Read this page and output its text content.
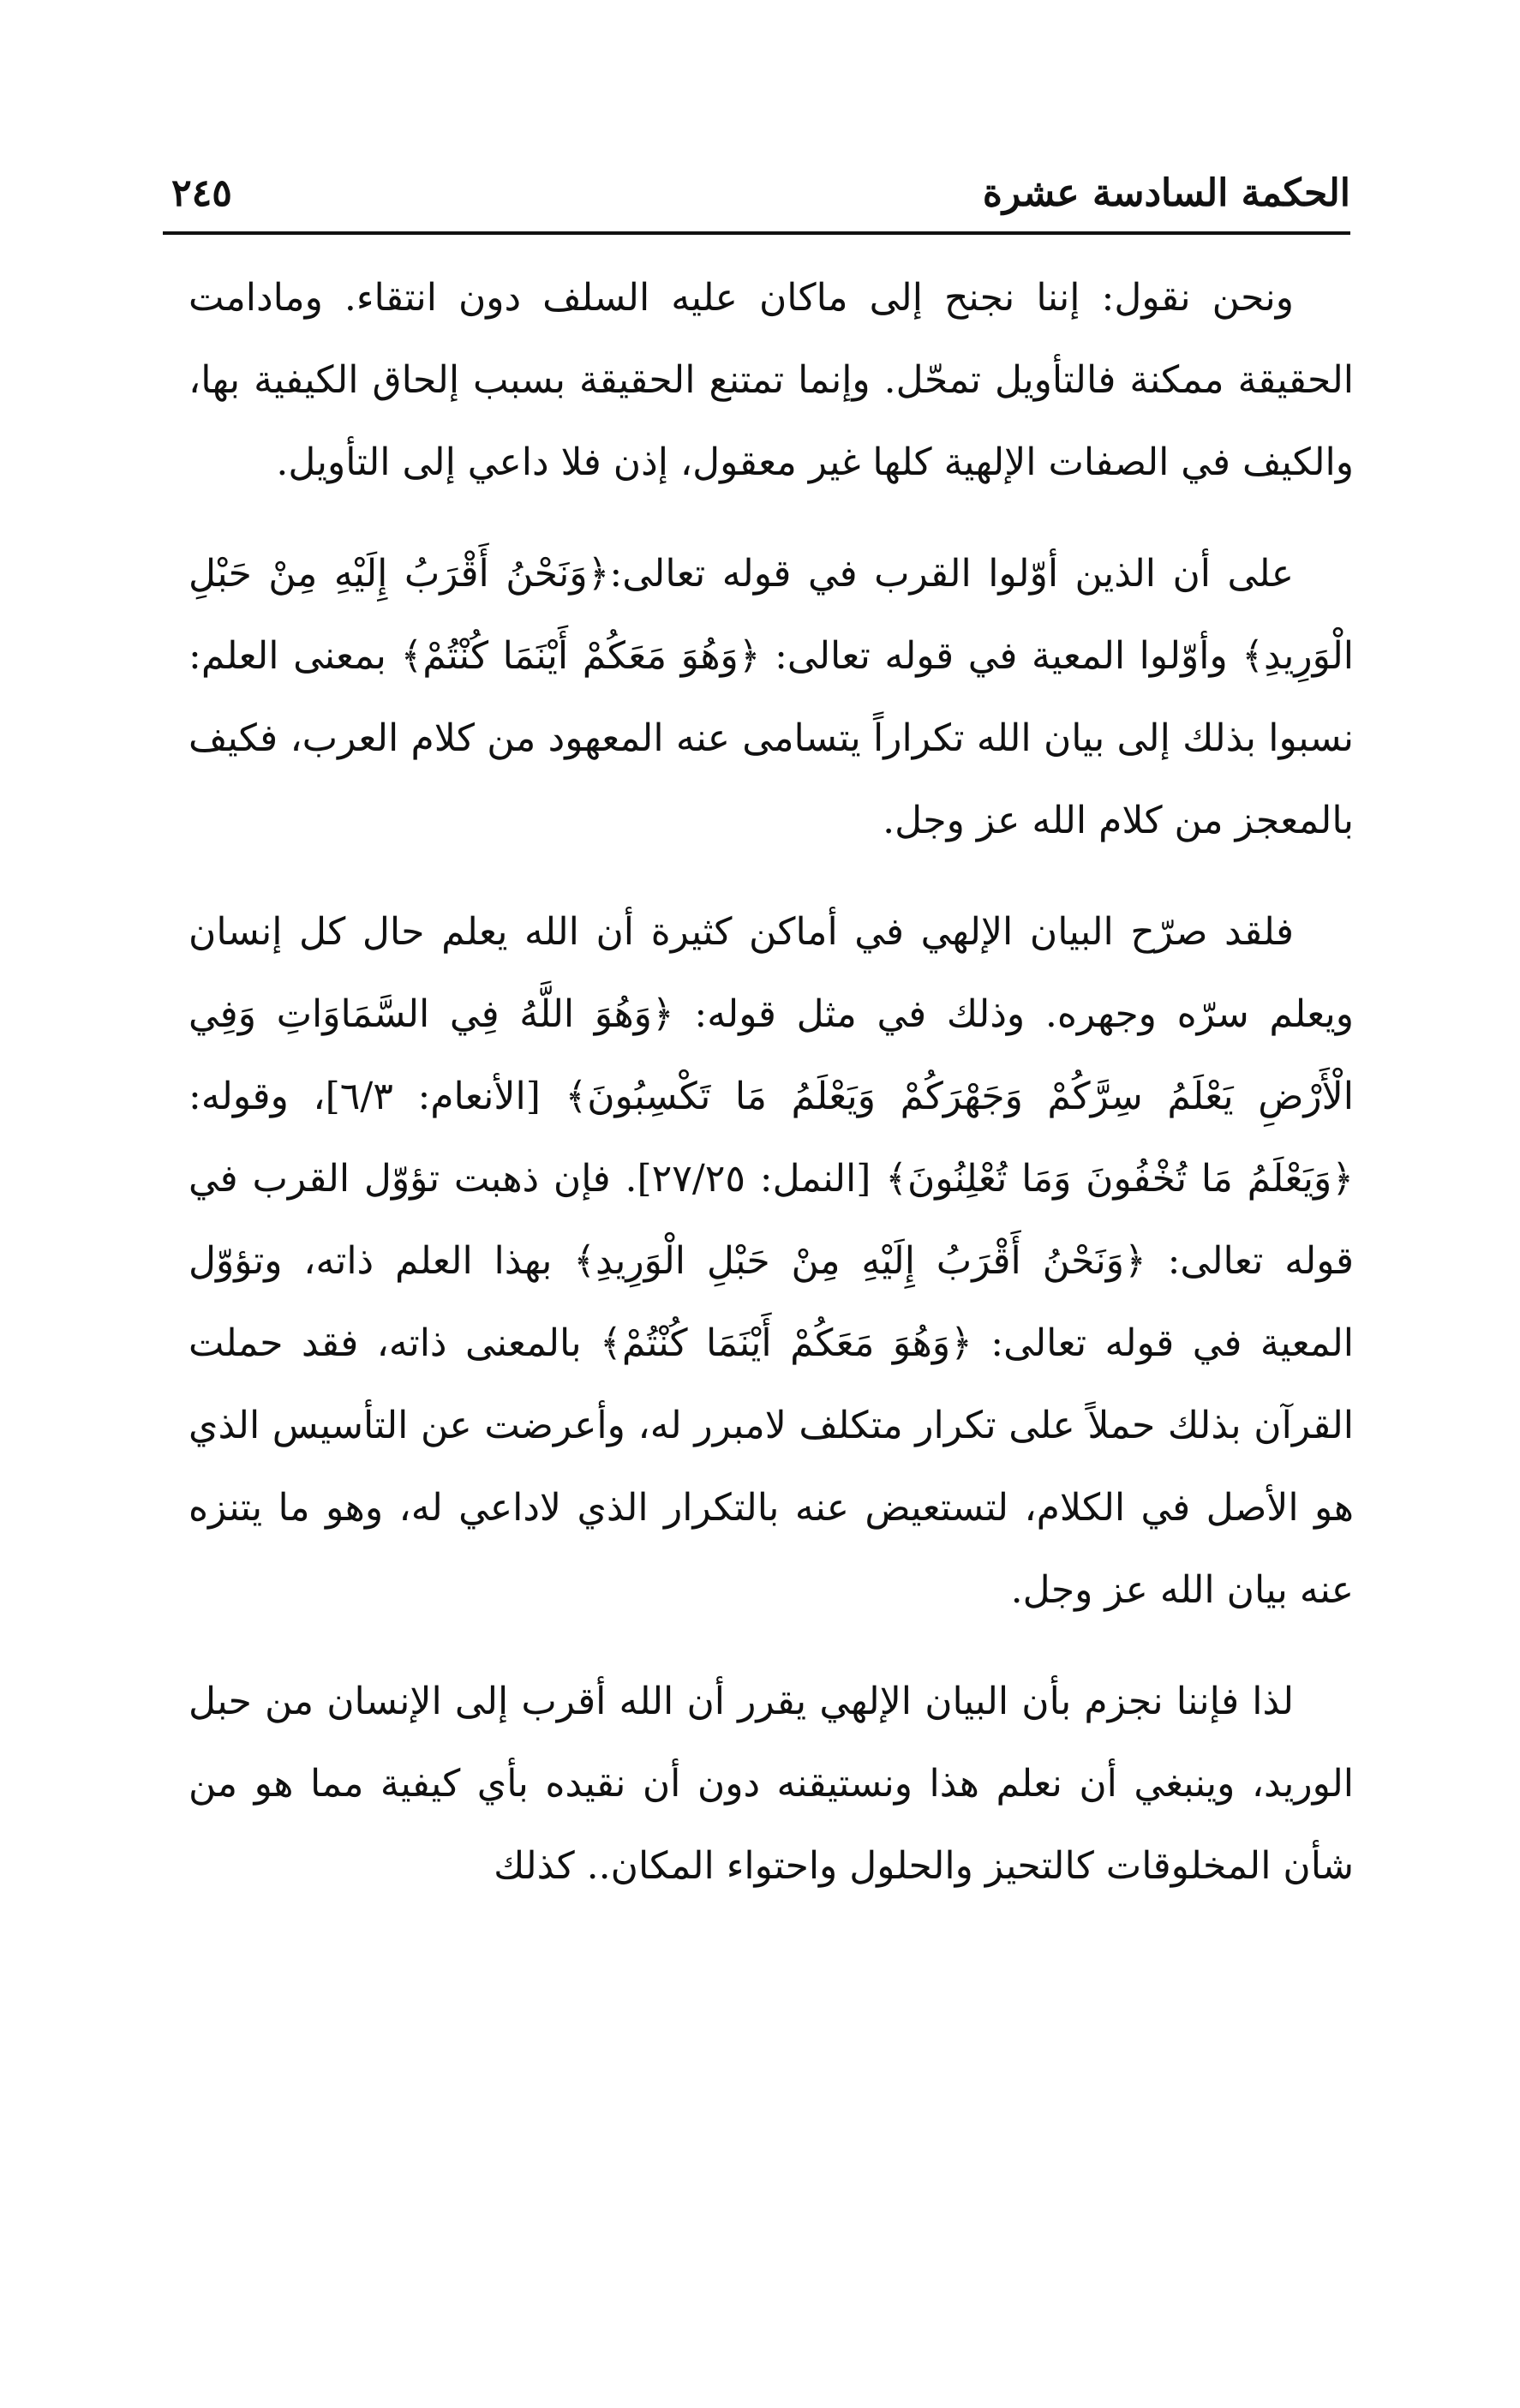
الحكمة السادسة عشرة
٢٤٥

ونحن نقول: إننا نجنح إلى ماكان عليه السلف دون انتقاء. ومادامت الحقيقة ممكنة فالتأويل تمحّل. وإنما تمتنع الحقيقة بسبب إلحاق الكيفية بها، والكيف في الصفات الإلهية كلها غير معقول، إذن فلا داعي إلى التأويل.

على أن الذين أوّلوا القرب في قوله تعالى:﴿وَنَحْنُ أَقْرَبُ إِلَيْهِ مِنْ حَبْلِ الْوَرِيدِ﴾ وأوّلوا المعية في قوله تعالى: ﴿وَهُوَ مَعَكُمْ أَيْنَمَا كُنْتُمْ﴾ بمعنى العلم: نسبوا بذلك إلى بيان الله تكراراً يتسامى عنه المعهود من كلام العرب، فكيف بالمعجز من كلام الله عز وجل.

فلقد صرّح البيان الإلهي في أماكن كثيرة أن الله يعلم حال كل إنسان ويعلم سرّه وجهره. وذلك في مثل قوله: ﴿وَهُوَ اللَّهُ فِي السَّمَاوَاتِ وَفِي الْأَرْضِ يَعْلَمُ سِرَّكُمْ وَجَهْرَكُمْ وَيَعْلَمُ مَا تَكْسِبُونَ﴾ [الأنعام: ٦/٣]، وقوله: ﴿وَيَعْلَمُ مَا تُخْفُونَ وَمَا تُعْلِنُونَ﴾ [النمل: ٢٧/٢٥]. فإن ذهبت تؤوّل القرب في قوله تعالى: ﴿وَنَحْنُ أَقْرَبُ إِلَيْهِ مِنْ حَبْلِ الْوَرِيدِ﴾ بهذا العلم ذاته، وتؤوّل المعية في قوله تعالى: ﴿وَهُوَ مَعَكُمْ أَيْنَمَا كُنْتُمْ﴾ بالمعنى ذاته، فقد حملت القرآن بذلك حملاً على تكرار متكلف لامبرر له، وأعرضت عن التأسيس الذي هو الأصل في الكلام، لتستعيض عنه بالتكرار الذي لاداعي له، وهو ما يتنزه عنه بيان الله عز وجل.

لذا فإننا نجزم بأن البيان الإلهي يقرر أن الله أقرب إلى الإنسان من حبل الوريد، وينبغي أن نعلم هذا ونستيقنه دون أن نقيده بأي كيفية مما هو من شأن المخلوقات كالتحيز والحلول واحتواء المكان.. كذلك
